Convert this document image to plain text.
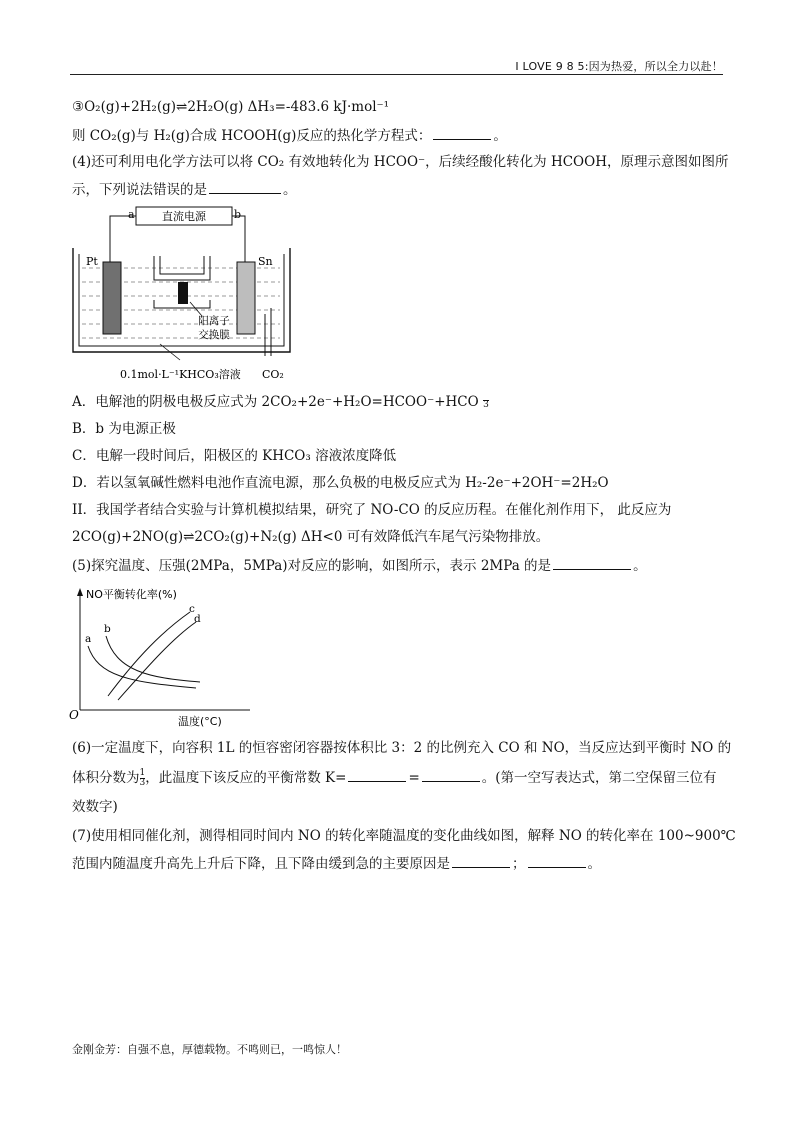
I LOVE 9 8 5:因为热爱，所以全力以赴！
③O₂(g)+2H₂(g)⇌2H₂O(g) ΔH₃=-483.6 kJ·mol⁻¹
则 CO₂(g)与 H₂(g)合成 HCOOH(g)反应的热化学方程式：	。
(4)还可利用电化学方法可以将 CO₂ 有效地转化为 HCOO⁻，后续经酸化转化为 HCOOH，原理示意图如图所
示，下列说法错误的是	。
直流电源
a	b
Pt	Sn
阳离子
交换膜
0.1mol·L⁻¹KHCO₃溶液 CO₂
A．电解池的阴极电极反应式为 2CO₂+2e⁻+H₂O=HCOO⁻+HCO 3
B．b 为电源正极
C．电解一段时间后，阳极区的 KHCO₃ 溶液浓度降低
D．若以氢氧碱性燃料电池作直流电源，那么负极的电极反应式为 H₂-2e⁻+2OH⁻=2H₂O
II．我国学者结合实验与计算机模拟结果，研究了 NO-CO 的反应历程。在催化剂作用下， 此反应为
2CO(g)+2NO(g)⇌2CO₂(g)+N₂(g) ΔH<0 可有效降低汽车尾气污染物排放。
(5)探究温度、压强(2MPa，5MPa)对反应的影响，如图所示，表示 2MPa 的是	。
NO平衡转化率(%)
温度(°C)
O
a
b
c
d
(6)一定温度下，向容积 1L 的恒容密闭容器按体积比 3：2 的比例充入 CO 和 NO，当反应达到平衡时 NO 的
体积分数为 $\frac{1}{3}$ ，此温度下该反应的平衡常数 K=	=	。(第一空写表达式，第二空保留三位有
效数字)
(7)使用相同催化剂，测得相同时间内 NO 的转化率随温度的变化曲线如图，解释 NO 的转化率在 100~900℃
范围内随温度升高先上升后下降，且下降由缓到急的主要原因是	；	。
金刚金芳：自强不息，厚德载物。不鸣则已，一鸣惊人！
